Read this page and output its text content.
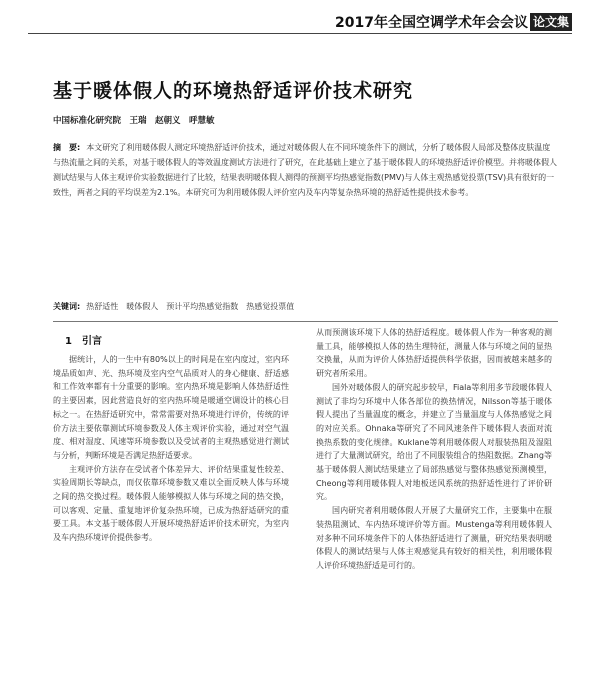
2017年全国空调学术年会会议 论文集
基于暖体假人的环境热舒适评价技术研究
中国标准化研究院　王瑞　赵朝义　呼慧敏
摘　要: 本文研究了利用暖体假人测定环境热舒适评价技术，通过对暖体假人在不同环境条件下的测试，分析了暖体假人局部及整体皮肤温度与热流量之间的关系，对基于暖体假人的等效温度测试方法进行了研究，在此基础上建立了基于暖体假人的环境热舒适评价模型。并将暖体假人测试结果与人体主观评价实验数据进行了比较，结果表明暖体假人测得的预测平均热感觉指数(PMV)与人体主观热感觉投票(TSV)具有很好的一致性，两者之间的平均误差为2.1%。本研究可为利用暖体假人评价室内及车内等复杂热环境的热舒适性提供技术参考。
关键词: 热舒适性　暖体假人　预计平均热感觉指数　热感觉投票值
1 引言

据统计，人的一生中有80%以上的时间是在室内度过，室内环境品质如声、光、热环境及室内空气品质对人的身心健康、舒适感和工作效率都有十分重要的影响。室内热环境是影响人体热舒适性的主要因素，因此营造良好的室内热环境是暖通空调设计的核心目标之一。在热舒适研究中，常常需要对热环境进行评价，传统的评价方法主要依靠测试环境参数及人体主观评价实验，通过对空气温度、相对湿度、风速等环境参数以及受试者的主观热感觉进行测试与分析，判断环境是否满足热舒适要求。

主观评价方法存在受试者个体差异大、评价结果重复性较差、实验周期长等缺点，而仅依靠环境参数又难以全面反映人体与环境之间的热交换过程。暖体假人能够模拟人体与环境之间的热交换，可以客观、定量、重复地评价复杂热环境，已成为热舒适研究的重要工具。本文基于暖体假人开展环境热舒适评价技术研究，为室内及车内热环境评价提供参考。

从而预测该环境下人体的热舒适程度。暖体假人作为一种客观的测量工具，能够模拟人体的热生理特征，测量人体与环境之间的显热交换量，从而为评价人体热舒适提供科学依据，因而被越来越多的研究者所采用。

国外对暖体假人的研究起步较早，Fiala等利用多节段暖体假人测试了非均匀环境中人体各部位的换热情况，Nilsson等基于暖体假人提出了当量温度的概念，并建立了当量温度与人体热感觉之间的对应关系。Ohnaka等研究了不同风速条件下暖体假人表面对流换热系数的变化规律。Kuklane等利用暖体假人对服装热阻及湿阻进行了大量测试研究，给出了不同服装组合的热阻数据。Zhang等基于暖体假人测试结果建立了局部热感觉与整体热感觉预测模型，Cheong等利用暖体假人对地板送风系统的热舒适性进行了评价研究。

国内研究者利用暖体假人开展了大量研究工作，主要集中在服装热阻测试、车内热环境评价等方面。Mustenga等利用暖体假人对多种不同环境条件下的人体热舒适进行了测量，研究结果表明暖体假人的测试结果与人体主观感觉具有较好的相关性，利用暖体假人评价环境热舒适是可行的。
